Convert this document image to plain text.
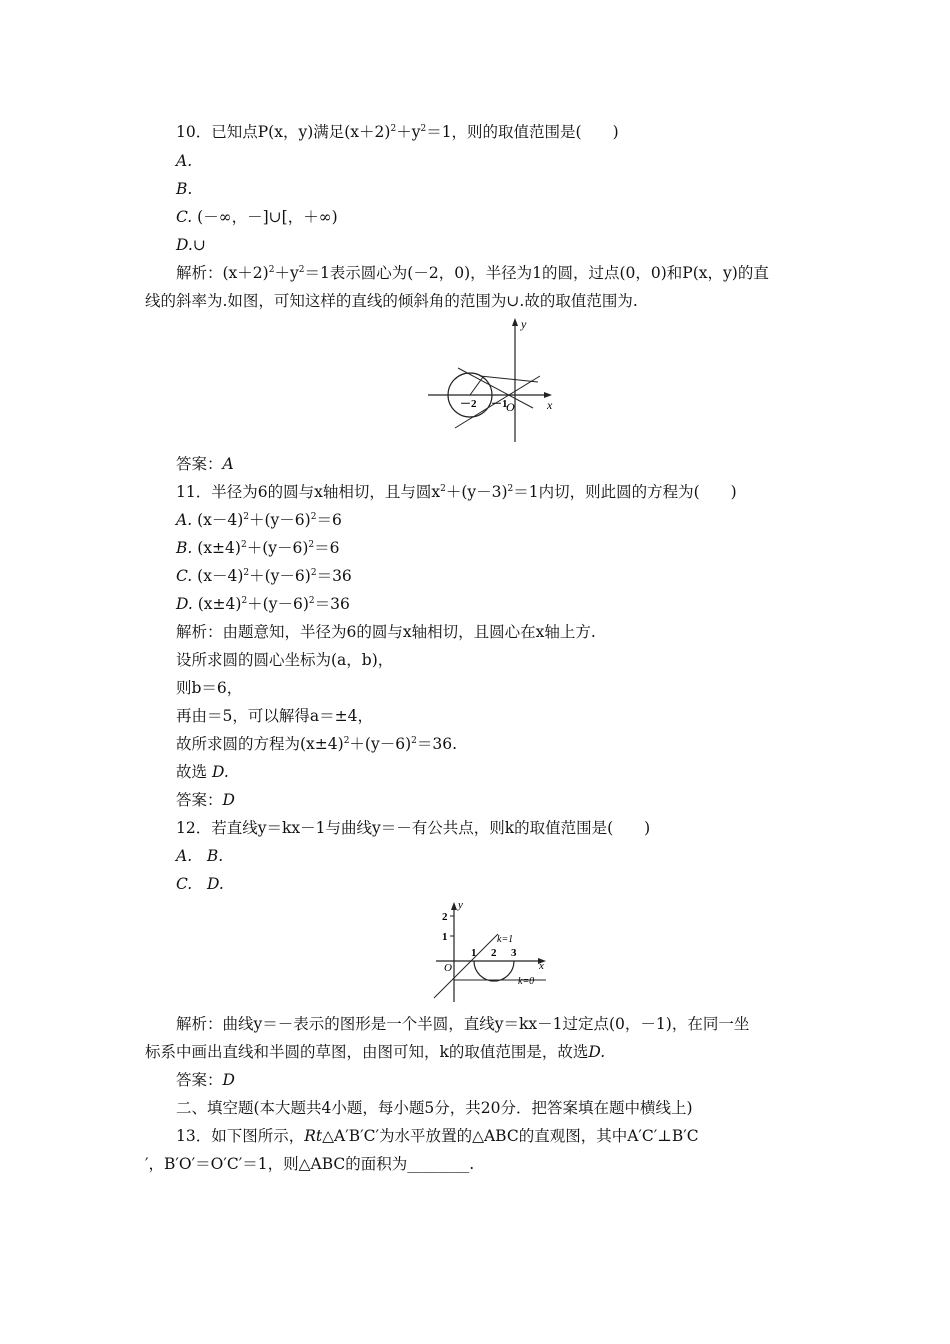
10．已知点P(x，y)满足$(x+2)^2+y^2=1$，则的取值范围是(　　)
A.
B.
C. (－∞，－]∪[，＋∞)
D.∪
解析：$(x+2)^2+y^2=1$表示圆心为(－2，0)，半径为1的圆，过点(0，0)和P(x，y)的直
线的斜率为.如图，可知这样的直线的倾斜角的范围为∪.故的取值范围为.
y
x
O
－2 －1
答案：A
11．半径为6的圆与x轴相切，且与圆$x^2+(y-3)^2=1$内切，则此圆的方程为(　　)
A. $(x-4)^2+(y-6)^2=6$
B. $(x\pm 4)^2+(y-6)^2=6$
C. $(x-4)^2+(y-6)^2=36$
D. $(x\pm 4)^2+(y-6)^2=36$
解析：由题意知，半径为6的圆与x轴相切，且圆心在x轴上方.
设所求圆的圆心坐标为(a，b)，
则b＝6，
再由＝5，可以解得a＝±4，
故所求圆的方程为$(x\pm 4)^2+(y-6)^2=36$.
故选 D.
答案：D
12．若直线y＝kx－1与曲线y＝－有公共点，则k的取值范围是(　　)
A. B.
C. D.
y
x
O
1 2 3
1
2
k=1
k=0
解析：曲线y＝－表示的图形是一个半圆，直线y＝kx－1过定点(0，－1)，在同一坐
标系中画出直线和半圆的草图，由图可知，k的取值范围是，故选D.
答案：D
二、填空题(本大题共4小题，每小题5分，共20分．把答案填在题中横线上)
13．如下图所示，Rt△A′B′C′为水平放置的△ABC的直观图，其中A′C′⊥B′C
′，B′O′＝O′C′＝1，则△ABC的面积为________.
